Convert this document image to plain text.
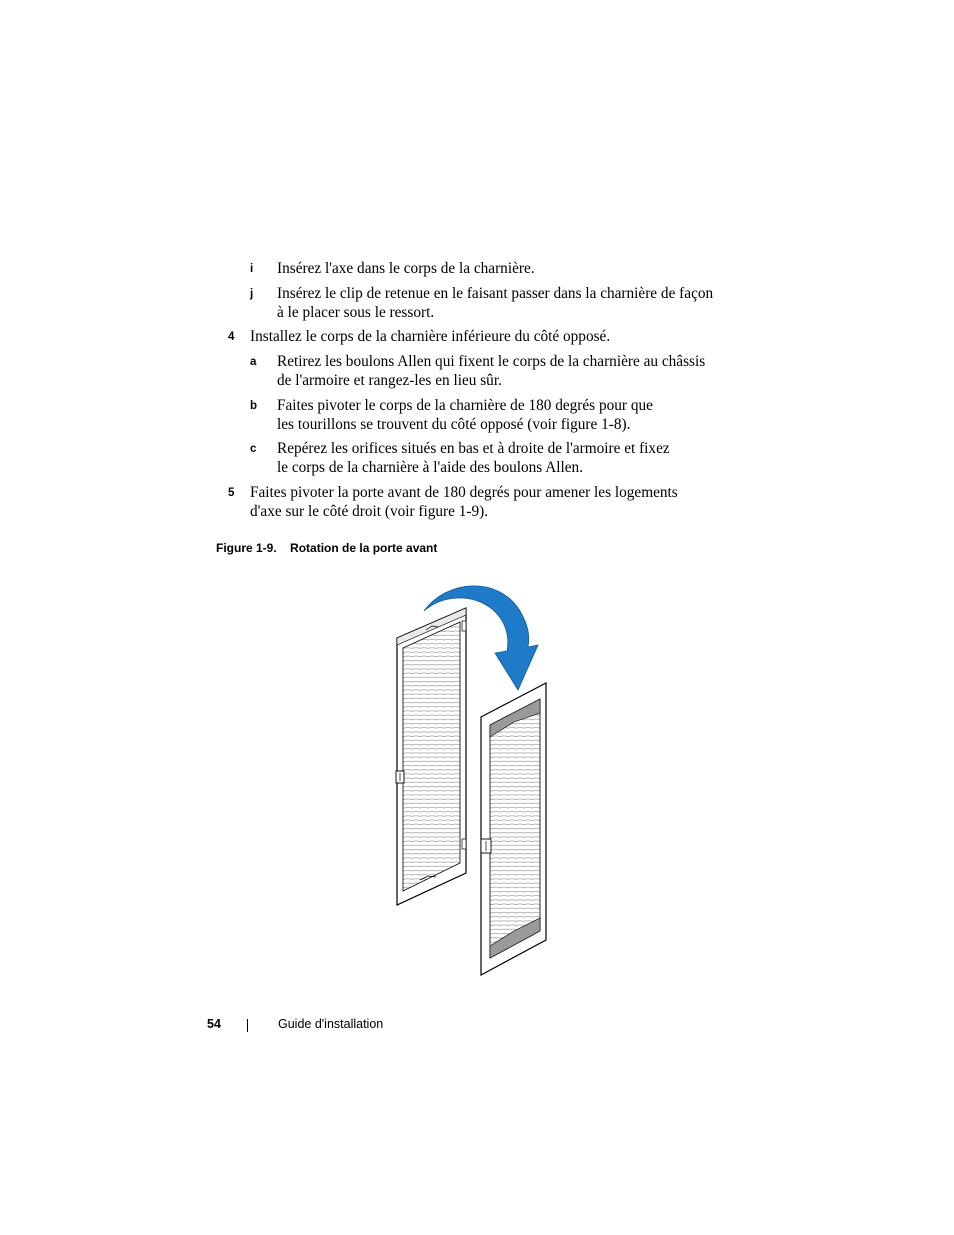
i Insérez l'axe dans le corps de la charnière.
j Insérez le clip de retenue en le faisant passer dans la charnière de façon
à le placer sous le ressort.
4 Installez le corps de la charnière inférieure du côté opposé.
a Retirez les boulons Allen qui fixent le corps de la charnière au châssis
de l'armoire et rangez-les en lieu sûr.
b Faites pivoter le corps de la charnière de 180 degrés pour que
les tourillons se trouvent du côté opposé (voir figure 1-8).
c Repérez les orifices situés en bas et à droite de l'armoire et fixez
le corps de la charnière à l'aide des boulons Allen.
5 Faites pivoter la porte avant de 180 degrés pour amener les logements
d'axe sur le côté droit (voir figure 1-9).
Figure 1-9. Rotation de la porte avant
54	Guide d'installation
